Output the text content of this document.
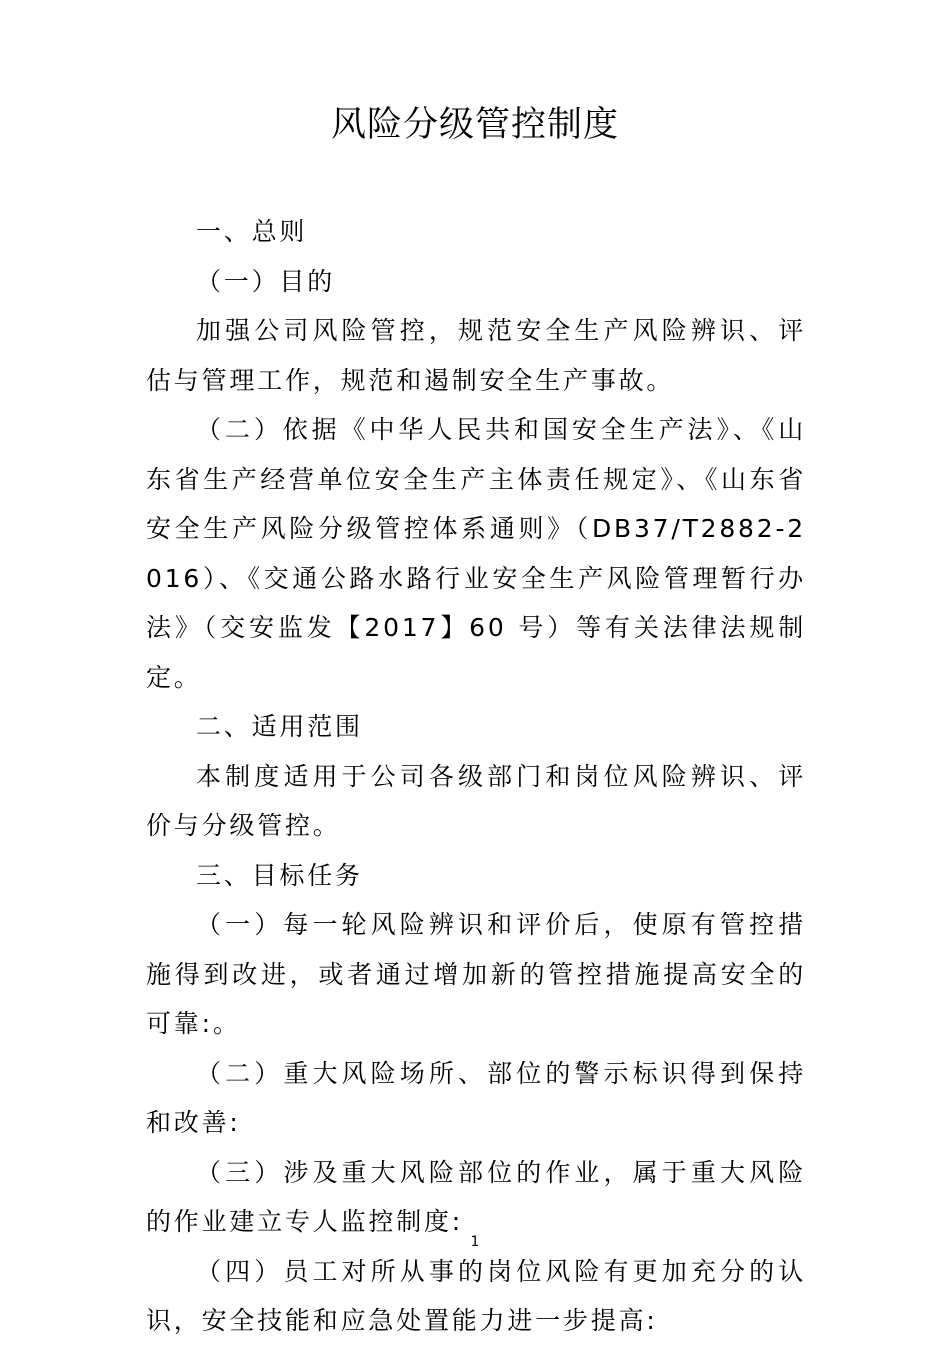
风险分级管控制度

一、总则

（一）目的

加强公司风险管控，规范安全生产风险辨识、评估与管理工作，规范和遏制安全生产事故。

（二）依据《中华人民共和国安全生产法》、《山东省生产经营单位安全生产主体责任规定》、《山东省安全生产风险分级管控体系通则》（DB37/T2882-2016）、《交通公路水路行业安全生产风险管理暂行办法》（交安监发【2017】60 号）等有关法律法规制定。

二、适用范围

本制度适用于公司各级部门和岗位风险辨识、评价与分级管控。

三、目标任务

（一）每一轮风险辨识和评价后，使原有管控措施得到改进，或者通过增加新的管控措施提高安全的可靠:。

（二）重大风险场所、部位的警示标识得到保持和改善:

（三）涉及重大风险部位的作业，属于重大风险的作业建立专人监控制度:

（四）员工对所从事的岗位风险有更加充分的认识，安全技能和应急处置能力进一步提高:

1
